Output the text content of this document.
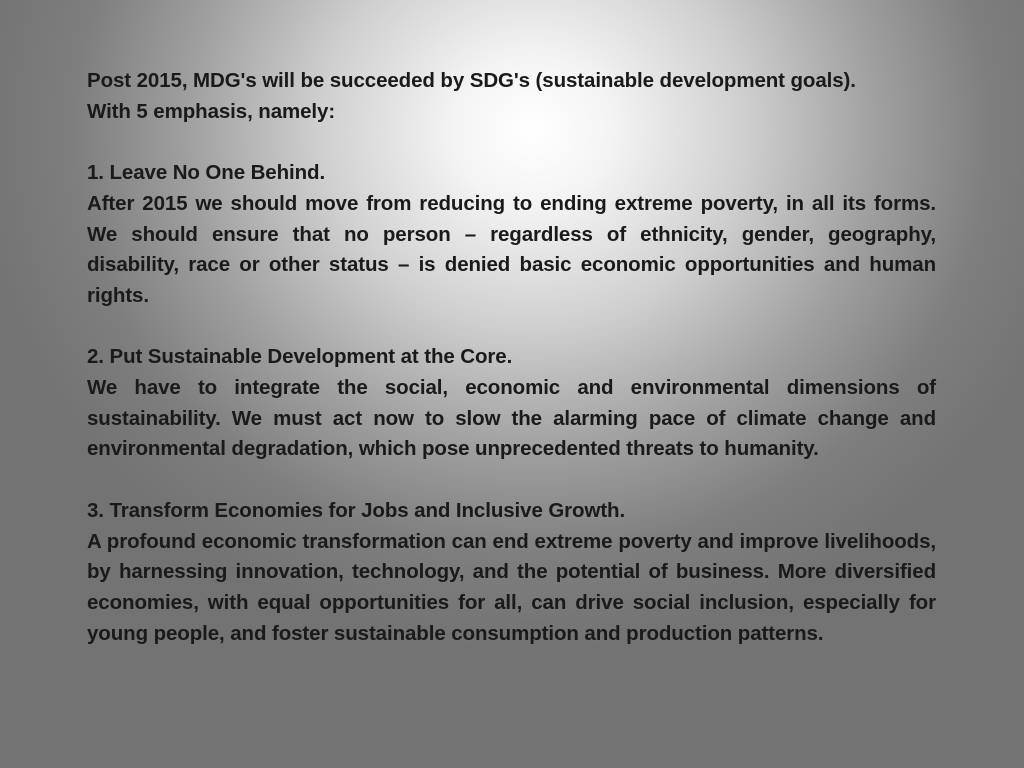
Post 2015, MDG's will be succeeded by SDG's (sustainable development goals).
With 5 emphasis, namely:
1. Leave No One Behind.
After 2015 we should move from reducing to ending extreme poverty, in all its forms. We should ensure that no person – regardless of ethnicity, gender, geography, disability, race or other status – is denied basic economic opportunities and human rights.
2. Put Sustainable Development at the Core.
We have to integrate the social, economic and environmental dimensions of sustainability. We must act now to slow the alarming pace of climate change and environmental degradation, which pose unprecedented threats to humanity.
3. Transform Economies for Jobs and Inclusive Growth.
A profound economic transformation can end extreme poverty and improve livelihoods, by harnessing innovation, technology, and the potential of business. More diversified economies, with equal opportunities for all, can drive social inclusion, especially for young people, and foster sustainable consumption and production patterns.
